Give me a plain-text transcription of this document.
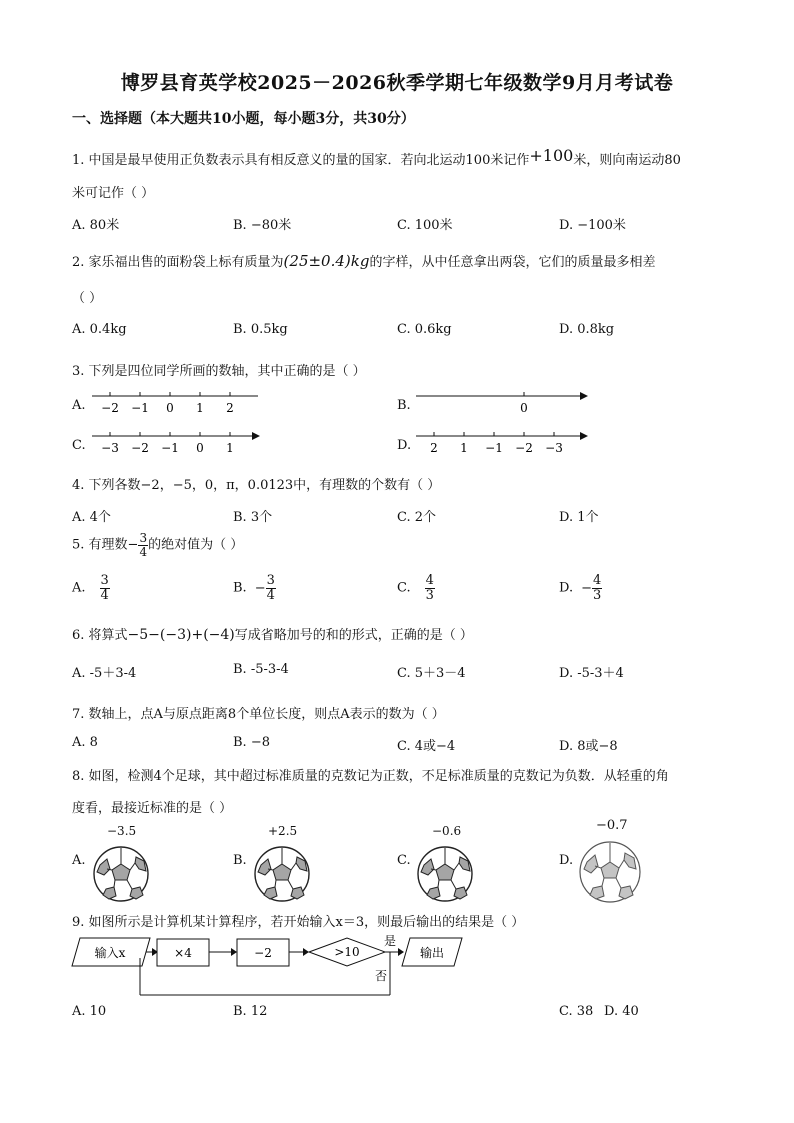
博罗县育英学校2025－2026秋季学期七年级数学9月月考试卷
一、选择题（本大题共10小题，每小题3分，共30分）
1. 中国是最早使用正负数表示具有相反意义的量的国家．若向北运动100米记作+100米，则向南运动80
米可记作（ ）
A. 80米	B. −80米	C. 100米	D. −100米
2. 家乐福出售的面粉袋上标有质量为(25±0.4)kg的字样，从中任意拿出两袋，它们的质量最多相差
（ ）
A. 0.4kg	B. 0.5kg	C. 0.6kg	D. 0.8kg
3. 下列是四位同学所画的数轴，其中正确的是（ ）
A. −2 −1 0 1 2	B.	0
C. −3 −2 −1 0 1	D. 2 1 −1 −2 −3
4. 下列各数−2，−5，0，π，0.0123中，有理数的个数有（ ）
A. 4个	B. 3个	C. 2个	D. 1个
5. 有理数− $\frac{3}{4}$ 的绝对值为（ ）
A. $\frac{3}{4}$	B. − $\frac{3}{4}$	C. $\frac{4}{3}$	D. − $\frac{4}{3}$
6. 将算式−5−(−3)+(−4)写成省略加号的和的形式，正确的是（ ）
A. -5＋3-4	B. -5-3-4	C. 5＋3－4	D. -5-3＋4
7. 数轴上，点A与原点距离8个单位长度，则点A表示的数为（ ）
A. 8	B. −8	C. 4或−4	D. 8或−8
8. 如图，检测4个足球，其中超过标准质量的克数记为正数，不足标准质量的克数记为负数．从轻重的角
度看，最接近标准的是（ ）
−3.5
A.
+2.5
B.
−0.6
C.
−0.7
D.
9. 如图所示是计算机某计算程序，若开始输入x＝3，则最后输出的结果是（ ）
输入x	×4	−2	>10
是
输出
否
A. 10	B. 12	C. 38 D. 40
